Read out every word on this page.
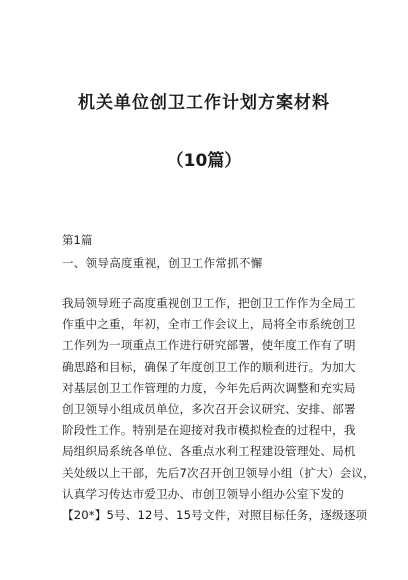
机关单位创卫工作计划方案材料
（10篇）
第1篇
一、领导高度重视，创卫工作常抓不懈
我局领导班子高度重视创卫工作，把创卫工作作为全局工
作重中之重，年初，全市工作会议上，局将全市系统创卫
工作列为一项重点工作进行研究部署，使年度工作有了明
确思路和目标，确保了年度创卫工作的顺利进行。为加大
对基层创卫工作管理的力度，今年先后两次调整和充实局
创卫领导小组成员单位，多次召开会议研究、安排、部署
阶段性工作。特别是在迎接对我市模拟检查的过程中，我
局组织局系统各单位、各重点水利工程建设管理处、局机
关处级以上干部，先后7次召开创卫领导小组（扩大）会议，
认真学习传达市爱卫办、市创卫领导小组办公室下发的
【20*】5号、12号、15号文件，对照目标任务，逐级逐项
